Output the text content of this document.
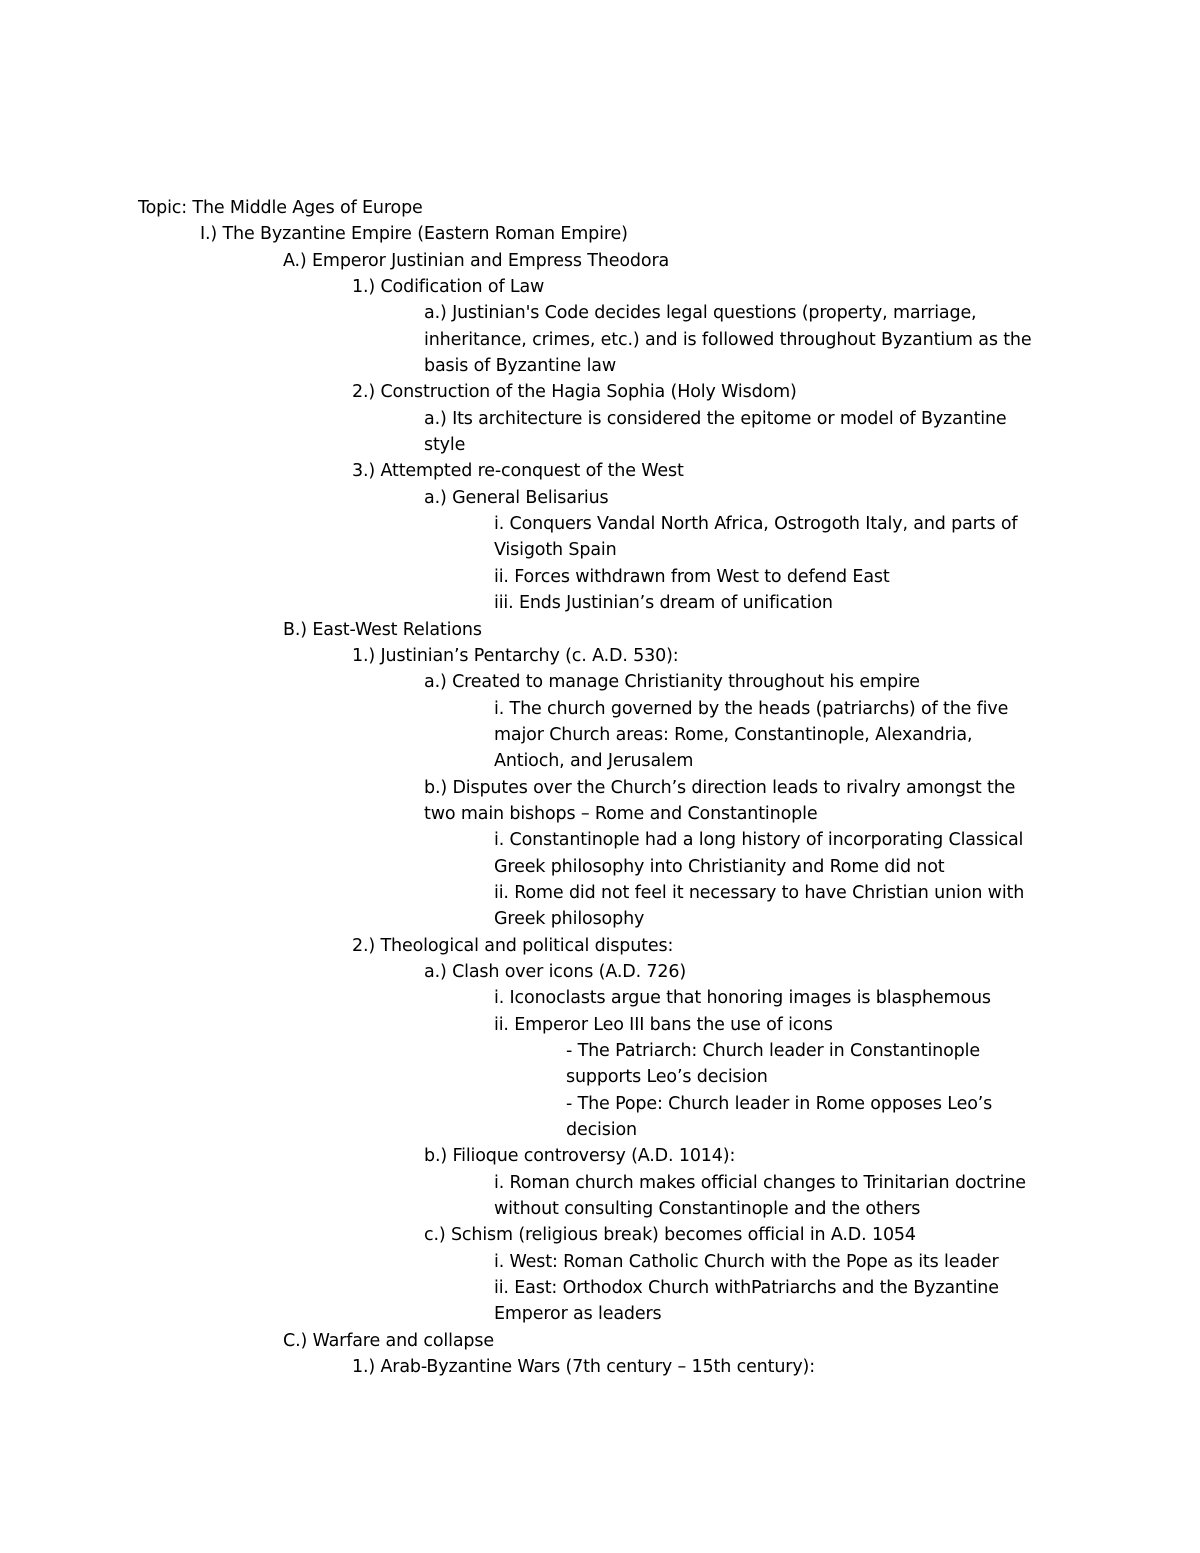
Topic: The Middle Ages of Europe
I.) The Byzantine Empire (Eastern Roman Empire)
A.) Emperor Justinian and Empress Theodora
1.) Codification of Law
a.) Justinian's Code decides legal questions (property, marriage,
inheritance, crimes, etc.) and is followed throughout Byzantium as the
basis of Byzantine law
2.) Construction of the Hagia Sophia (Holy Wisdom)
a.) Its architecture is considered the epitome or model of Byzantine
style
3.) Attempted re-conquest of the West
a.) General Belisarius
i. Conquers Vandal North Africa, Ostrogoth Italy, and parts of
Visigoth Spain
ii. Forces withdrawn from West to defend East
iii. Ends Justinian’s dream of unification
B.) East-West Relations
1.) Justinian’s Pentarchy (c. A.D. 530):
a.) Created to manage Christianity throughout his empire
i. The church governed by the heads (patriarchs) of the five
major Church areas: Rome, Constantinople, Alexandria,
Antioch, and Jerusalem
b.) Disputes over the Church’s direction leads to rivalry amongst the
two main bishops – Rome and Constantinople
i. Constantinople had a long history of incorporating Classical
Greek philosophy into Christianity and Rome did not
ii. Rome did not feel it necessary to have Christian union with
Greek philosophy
2.) Theological and political disputes:
a.) Clash over icons (A.D. 726)
i. Iconoclasts argue that honoring images is blasphemous
ii. Emperor Leo III bans the use of icons
- The Patriarch: Church leader in Constantinople
supports Leo’s decision
- The Pope: Church leader in Rome opposes Leo’s
decision
b.) Filioque controversy (A.D. 1014):
i. Roman church makes official changes to Trinitarian doctrine
without consulting Constantinople and the others
c.) Schism (religious break) becomes official in A.D. 1054
i. West: Roman Catholic Church with the Pope as its leader
ii. East: Orthodox Church withPatriarchs and the Byzantine
Emperor as leaders
C.) Warfare and collapse
1.) Arab-Byzantine Wars (7th century – 15th century):
